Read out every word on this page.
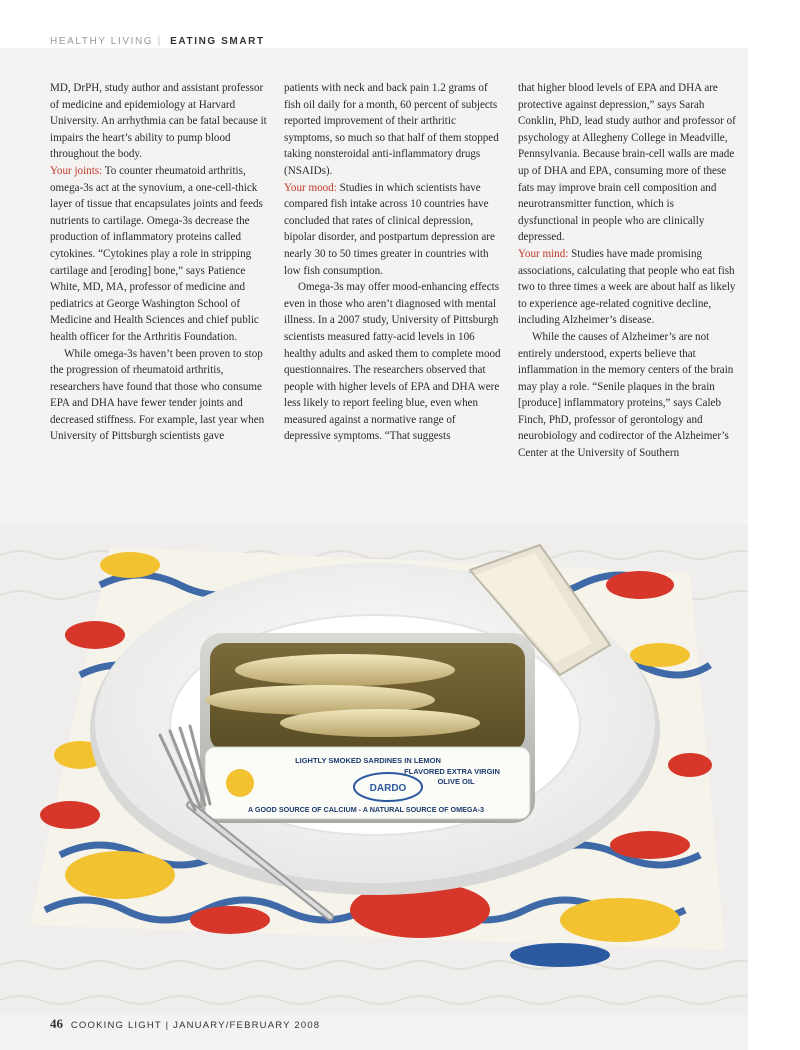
HEALTHY LIVING | EATING SMART

MD, DrPH, study author and assistant professor of medicine and epidemiology at Harvard University. An arrhythmia can be fatal because it impairs the heart’s ability to pump blood throughout the body.

Your joints: To counter rheumatoid arthritis, omega-3s act at the synovium, a one-cell-thick layer of tissue that encapsulates joints and feeds nutrients to cartilage. Omega-3s decrease the production of inflammatory proteins called cytokines. “Cytokines play a role in stripping cartilage and [eroding] bone,” says Patience White, MD, MA, professor of medicine and pediatrics at George Washington School of Medicine and Health Sciences and chief public health officer for the Arthritis Foundation.

While omega-3s haven’t been proven to stop the progression of rheumatoid arthritis, researchers have found that those who consume EPA and DHA have fewer tender joints and decreased stiffness. For example, last year when University of Pittsburgh scientists gave

patients with neck and back pain 1.2 grams of fish oil daily for a month, 60 percent of subjects reported improvement of their arthritic symptoms, so much so that half of them stopped taking nonsteroidal anti-inflammatory drugs (NSAIDs).

Your mood: Studies in which scientists have compared fish intake across 10 countries have concluded that rates of clinical depression, bipolar disorder, and postpartum depression are nearly 30 to 50 times greater in countries with low fish consumption.

Omega-3s may offer mood-enhancing effects even in those who aren’t diagnosed with mental illness. In a 2007 study, University of Pittsburgh scientists measured fatty-acid levels in 106 healthy adults and asked them to complete mood questionnaires. The researchers observed that people with higher levels of EPA and DHA were less likely to report feeling blue, even when measured against a normative range of depressive symptoms. “That suggests

that higher blood levels of EPA and DHA are protective against depression,” says Sarah Conklin, PhD, lead study author and professor of psychology at Allegheny College in Meadville, Pennsylvania. Because brain-cell walls are made up of DHA and EPA, consuming more of these fats may improve brain cell composition and neurotransmitter function, which is dysfunctional in people who are clinically depressed.

Your mind: Studies have made promising associations, calculating that people who eat fish two to three times a week are about half as likely to experience age-related cognitive decline, including Alzheimer’s disease.

While the causes of Alzheimer’s are not entirely understood, experts believe that inflammation in the memory centers of the brain may play a role. “Senile plaques in the brain [produce] inflammatory proteins,” says Caleb Finch, PhD, professor of gerontology and neurobiology and codirector of the Alzheimer’s Center at the University of Southern

DARDO
LIGHTLY SMOKED SARDINES IN LEMON
FLAVORED EXTRA VIRGIN
OLIVE OIL
A GOOD SOURCE OF CALCIUM - A NATURAL SOURCE OF OMEGA-3
46 COOKING LIGHT | JANUARY/FEBRUARY 2008
